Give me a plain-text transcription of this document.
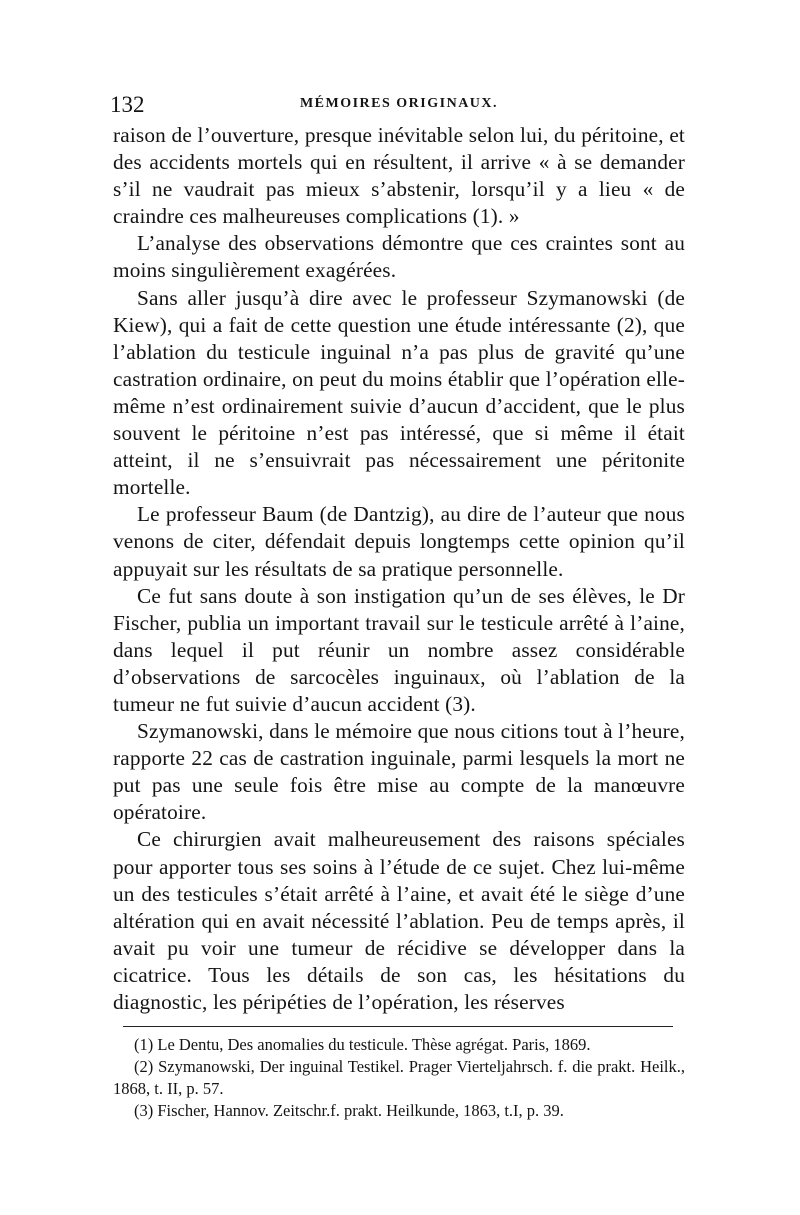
132	MÉMOIRES ORIGINAUX.

raison de l’ouverture, presque inévitable selon lui, du péritoine, et des accidents mortels qui en résultent, il arrive « à se demander s’il ne vaudrait pas mieux s’abstenir, lorsqu’il y a lieu « de craindre ces malheureuses complications (1). »

L’analyse des observations démontre que ces craintes sont au moins singulièrement exagérées.

Sans aller jusqu’à dire avec le professeur Szymanowski (de Kiew), qui a fait de cette question une étude intéressante (2), que l’ablation du testicule inguinal n’a pas plus de gravité qu’une castration ordinaire, on peut du moins établir que l’opération elle-même n’est ordinairement suivie d’aucun d’accident, que le plus souvent le péritoine n’est pas intéressé, que si même il était atteint, il ne s’ensuivrait pas nécessairement une péritonite mortelle.

Le professeur Baum (de Dantzig), au dire de l’auteur que nous venons de citer, défendait depuis longtemps cette opinion qu’il appuyait sur les résultats de sa pratique personnelle.

Ce fut sans doute à son instigation qu’un de ses élèves, le Dr Fischer, publia un important travail sur le testicule arrêté à l’aine, dans lequel il put réunir un nombre assez considérable d’observations de sarcocèles inguinaux, où l’ablation de la tumeur ne fut suivie d’aucun accident (3).

Szymanowski, dans le mémoire que nous citions tout à l’heure, rapporte 22 cas de castration inguinale, parmi lesquels la mort ne put pas une seule fois être mise au compte de la manœuvre opératoire.

Ce chirurgien avait malheureusement des raisons spéciales pour apporter tous ses soins à l’étude de ce sujet. Chez lui-même un des testicules s’était arrêté à l’aine, et avait été le siège d’une altération qui en avait nécessité l’ablation. Peu de temps après, il avait pu voir une tumeur de récidive se développer dans la cicatrice. Tous les détails de son cas, les hésitations du diagnostic, les péripéties de l’opération, les réserves

(1) Le Dentu, Des anomalies du testicule. Thèse agrégat. Paris, 1869.

(2) Szymanowski, Der inguinal Testikel. Prager Vierteljahrsch. f. die prakt. Heilk., 1868, t. II, p. 57.

(3) Fischer, Hannov. Zeitschr.f. prakt. Heilkunde, 1863, t.I, p. 39.
